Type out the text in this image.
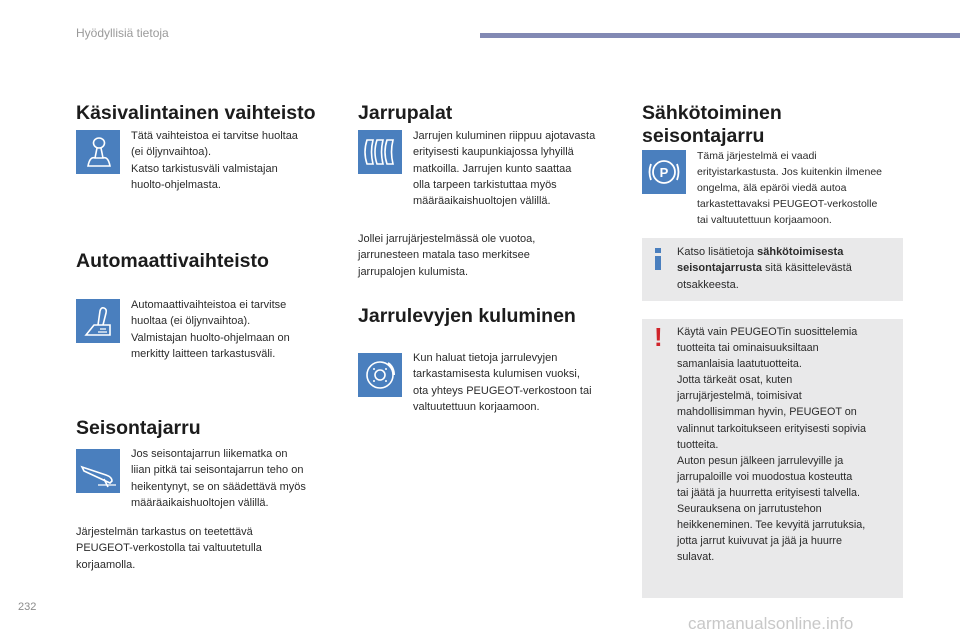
Hyödyllisiä tietoja
Käsivalintainen vaihteisto
Tätä vaihteistoa ei tarvitse huoltaa
(ei öljynvaihtoa).
Katso tarkistusväli valmistajan
huolto-ohjelmasta.
Automaattivaihteisto
Automaattivaihteistoa ei tarvitse
huoltaa (ei öljynvaihtoa).
Valmistajan huolto-ohjelmaan on
merkitty laitteen tarkastusväli.
Seisontajarru
Jos seisontajarrun liikematka on
liian pitkä tai seisontajarrun teho on
heikentynyt, se on säädettävä myös
määräaikaishuoltojen välillä.
Järjestelmän tarkastus on teetettävä
PEUGEOT-verkostolla tai valtuutetulla
korjaamolla.
Jarrupalat
Jarrujen kuluminen riippuu ajotavasta
erityisesti kaupunkiajossa lyhyillä
matkoilla. Jarrujen kunto saattaa
olla tarpeen tarkistuttaa myös
määräaikaishuoltojen välillä.
Jollei jarrujärjestelmässä ole vuotoa,
jarrunesteen matala taso merkitsee
jarrupalojen kulumista.
Jarrulevyjen kuluminen
Kun haluat tietoja jarrulevyjen
tarkastamisesta kulumisen vuoksi,
ota yhteys PEUGEOT-verkostoon tai
valtuutettuun korjaamoon.
Sähkötoiminen
seisontajarru
P
Tämä järjestelmä ei vaadi
erityistarkastusta. Jos kuitenkin ilmenee
ongelma, älä epäröi viedä autoa
tarkastettavaksi PEUGEOT-verkostolle
tai valtuutettuun korjaamoon.
Katso lisätietoja sähkötoimisesta seisontajarrusta sitä käsittelevästä otsakkeesta.
! Käytä vain PEUGEOTin suosittelemia
tuotteita tai ominaisuuksiltaan
samanlaisia laatutuotteita.
Jotta tärkeät osat, kuten
jarrujärjestelmä, toimisivat
mahdollisimman hyvin, PEUGEOT on
valinnut tarkoitukseen erityisesti sopivia
tuotteita.
Auton pesun jälkeen jarrulevyille ja
jarrupaloille voi muodostua kosteutta
tai jäätä ja huurretta erityisesti talvella.
Seurauksena on jarrutustehon
heikkeneminen. Tee kevyitä jarrutuksia,
jotta jarrut kuivuvat ja jää ja huurre
sulavat.
232
carmanualsonline.info
